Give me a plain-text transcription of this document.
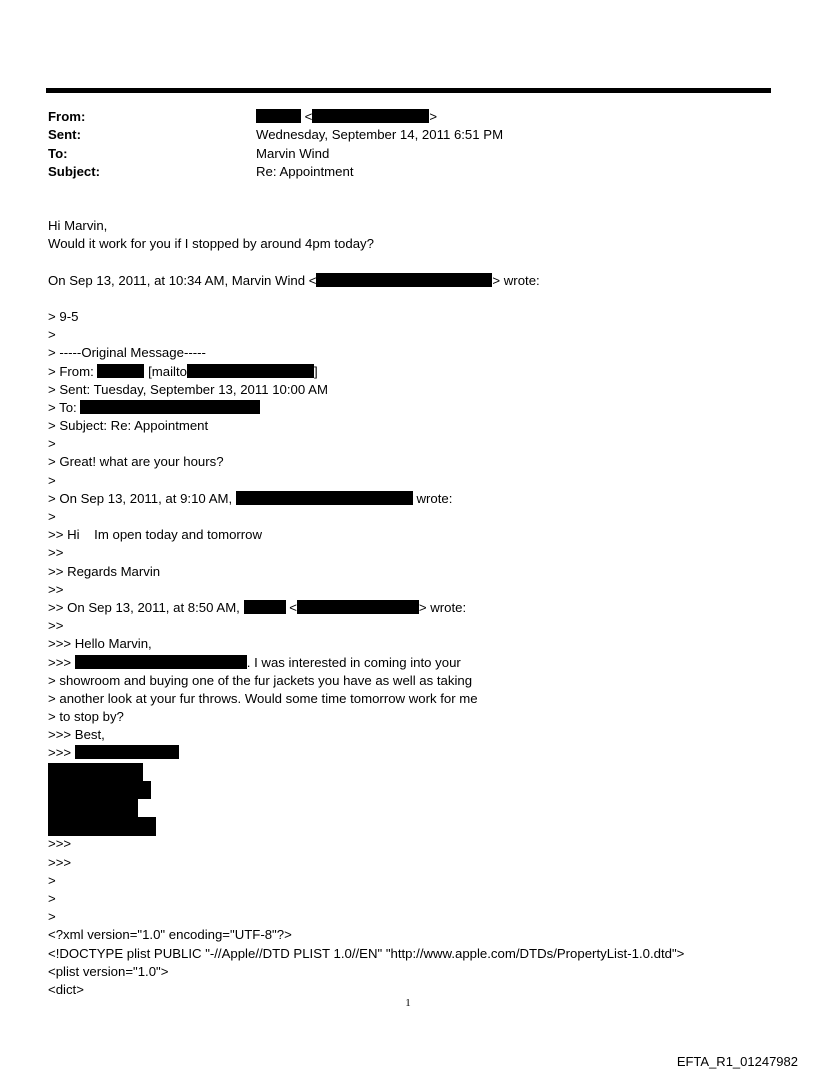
From:	<	>
Sent:	Wednesday, September 14, 2011 6:51 PM
To:	Marvin Wind
Subject:	Re: Appointment
Hi Marvin,
Would it work for you if I stopped by around 4pm today?
On Sep 13, 2011, at 10:34 AM, Marvin Wind <	> wrote:
> 9-5
>
> -----Original Message-----
> From:	[mailto	]
> Sent: Tuesday, September 13, 2011 10:00 AM
> To:
> Subject: Re: Appointment
>
> Great! what are your hours?
>
> On Sep 13, 2011, at 9:10 AM,	wrote:
>
>> Hi    Im open today and tomorrow
>>
>> Regards Marvin
>>
>> On Sep 13, 2011, at 8:50 AM,	<	> wrote:
>>
>>> Hello Marvin,
>>>	. I was interested in coming into your
> showroom and buying one of the fur jackets you have as well as taking
> another look at your fur throws. Would some time tomorrow work for me
> to stop by?
>>> Best,
>>>
>>>
>>>
>
>
>
<?xml version="1.0" encoding="UTF-8"?>
<!DOCTYPE plist PUBLIC "-//Apple//DTD PLIST 1.0//EN" "http://www.apple.com/DTDs/PropertyList-1.0.dtd">
<plist version="1.0">
<dict>
1
EFTA_R1_01247982
